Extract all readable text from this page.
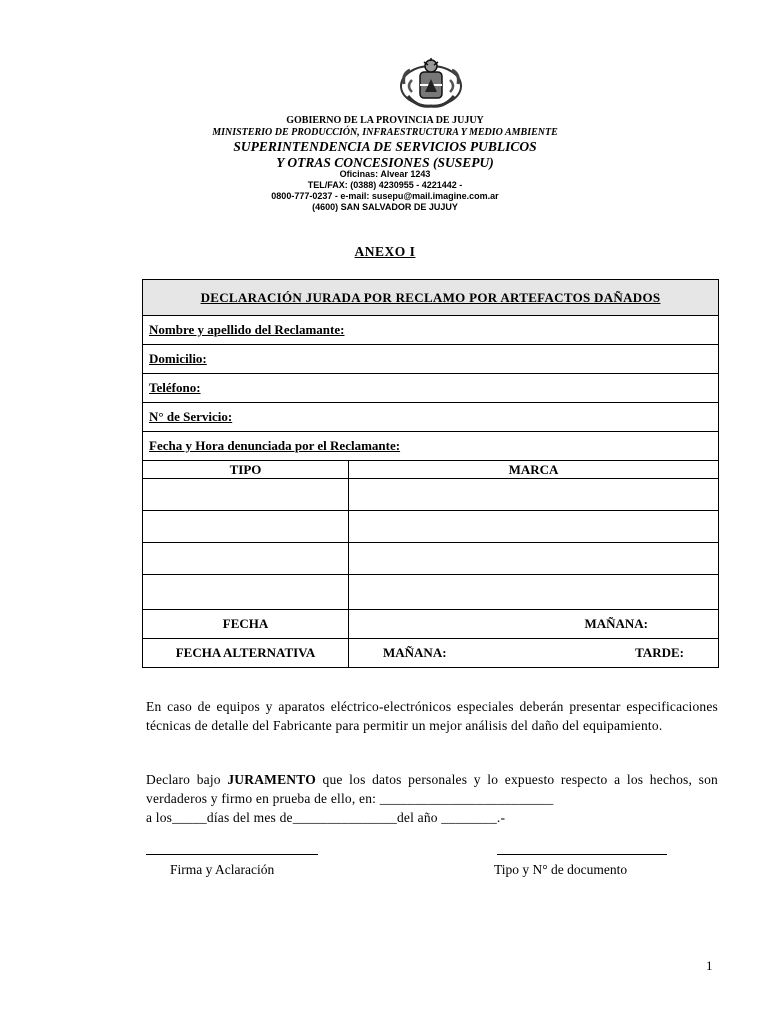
GOBIERNO DE LA PROVINCIA DE JUJUY
MINISTERIO DE PRODUCCIÓN, INFRAESTRUCTURA Y MEDIO AMBIENTE
SUPERINTENDENCIA DE SERVICIOS PUBLICOS
Y OTRAS CONCESIONES (SUSEPU)
Oficinas: Alvear 1243
TEL/FAX: (0388) 4230955 - 4221442 -
0800-777-0237 - e-mail: susepu@mail.imagine.com.ar
(4600) SAN SALVADOR DE JUJUY
ANEXO I
DECLARACIÓN JURADA POR RECLAMO POR ARTEFACTOS DAÑADOS	
Nombre y apellido del Reclamante:	
Domicilio:	
Teléfono:	
N° de Servicio:	
Fecha y Hora denunciada por el Reclamante:	
TIPO	MARCA

FECHA	MAÑANA:
FECHA ALTERNATIVA	MAÑANA: TARDE:
En caso de equipos y aparatos eléctrico-electrónicos especiales deberán presentar especificaciones técnicas de detalle del Fabricante para permitir un mejor análisis del daño del equipamiento.
Declaro bajo JURAMENTO que los datos personales y lo expuesto respecto a los hechos, son verdaderos y firmo en prueba de ello, en: _________________________
a los_____días del mes de_______________del año ________.-
Firma y Aclaración	Tipo y N° de documento
1
